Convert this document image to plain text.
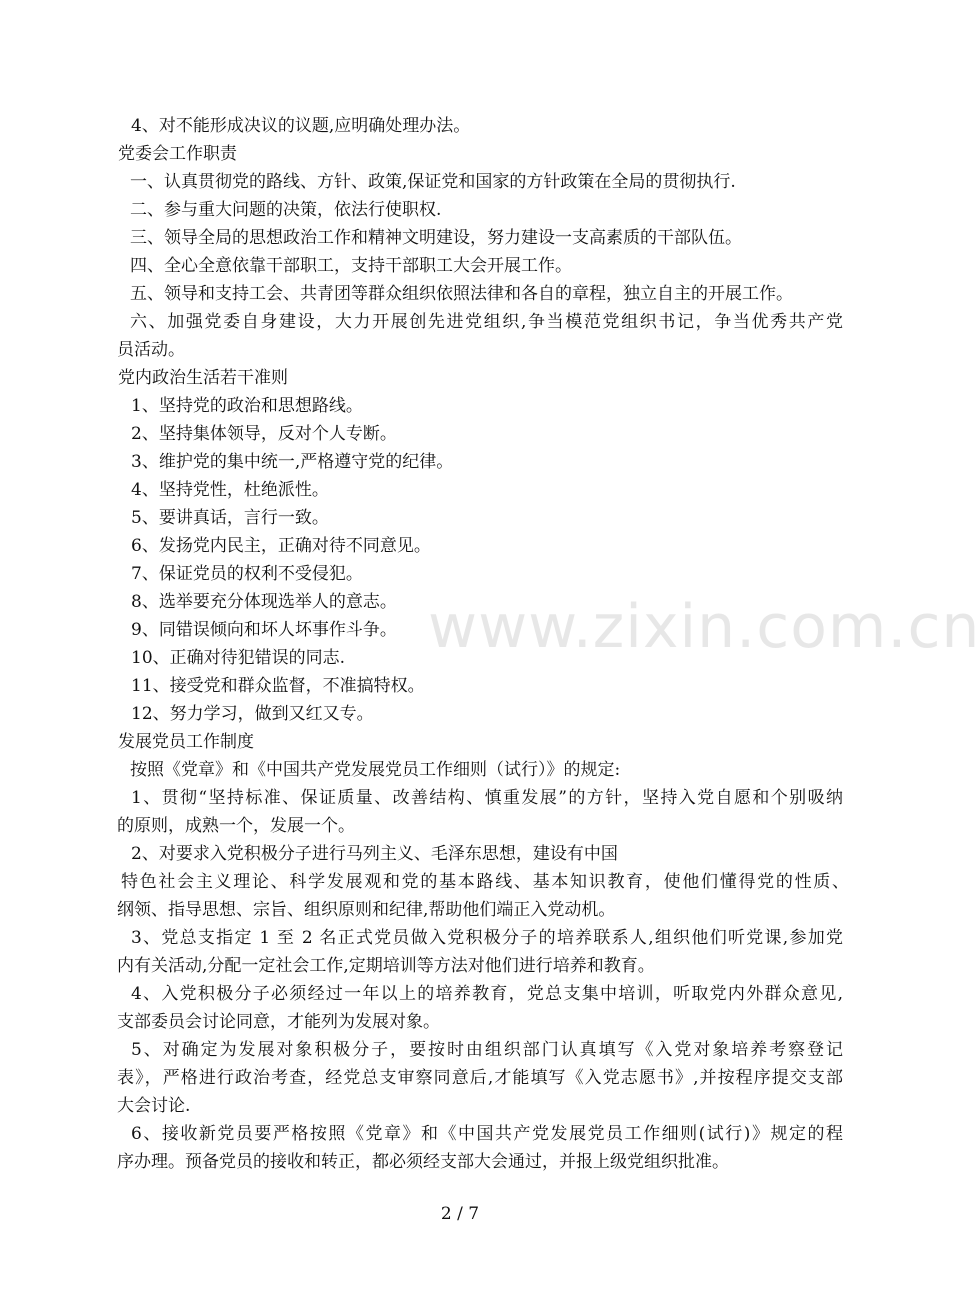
4、对不能形成决议的议题,应明确处理办法。
党委会工作职责
一、认真贯彻党的路线、方针、政策,保证党和国家的方针政策在全局的贯彻执行.
二、参与重大问题的决策，依法行使职权.
三、领导全局的思想政治工作和精神文明建设，努力建设一支高素质的干部队伍。
四、全心全意依靠干部职工，支持干部职工大会开展工作。
五、领导和支持工会、共青团等群众组织依照法律和各自的章程，独立自主的开展工作。
六、加强党委自身建设，大力开展创先进党组织,争当模范党组织书记，争当优秀共产党
员活动。
党内政治生活若干准则
1、坚持党的政治和思想路线。
2、坚持集体领导，反对个人专断。
3、维护党的集中统一,严格遵守党的纪律。
4、坚持党性，杜绝派性。
5、要讲真话，言行一致。
6、发扬党内民主，正确对待不同意见。
7、保证党员的权利不受侵犯。
8、选举要充分体现选举人的意志。
9、同错误倾向和坏人坏事作斗争。
10、正确对待犯错误的同志.
11、接受党和群众监督，不准搞特权。
12、努力学习，做到又红又专。
发展党员工作制度
按照《党章》和《中国共产党发展党员工作细则（试行）》的规定:
1、贯彻“坚持标准、保证质量、改善结构、慎重发展”的方针，坚持入党自愿和个别吸纳
的原则，成熟一个，发展一个。
2、对要求入党积极分子进行马列主义、毛泽东思想，建设有中国
特色社会主义理论、科学发展观和党的基本路线、基本知识教育，使他们懂得党的性质、
纲领、指导思想、宗旨、组织原则和纪律,帮助他们端正入党动机。
3、党总支指定 1 至 2 名正式党员做入党积极分子的培养联系人,组织他们听党课,参加党
内有关活动,分配一定社会工作,定期培训等方法对他们进行培养和教育。
4、入党积极分子必须经过一年以上的培养教育，党总支集中培训，听取党内外群众意见,
支部委员会讨论同意，才能列为发展对象。
5、对确定为发展对象积极分子，要按时由组织部门认真填写《入党对象培养考察登记
表》，严格进行政治考查，经党总支审察同意后,才能填写《入党志愿书》,并按程序提交支部
大会讨论.
6、接收新党员要严格按照《党章》和《中国共产党发展党员工作细则(试行)》规定的程
序办理。预备党员的接收和转正，都必须经支部大会通过，并报上级党组织批准。
www.zixin.com.cn
2 / 7
